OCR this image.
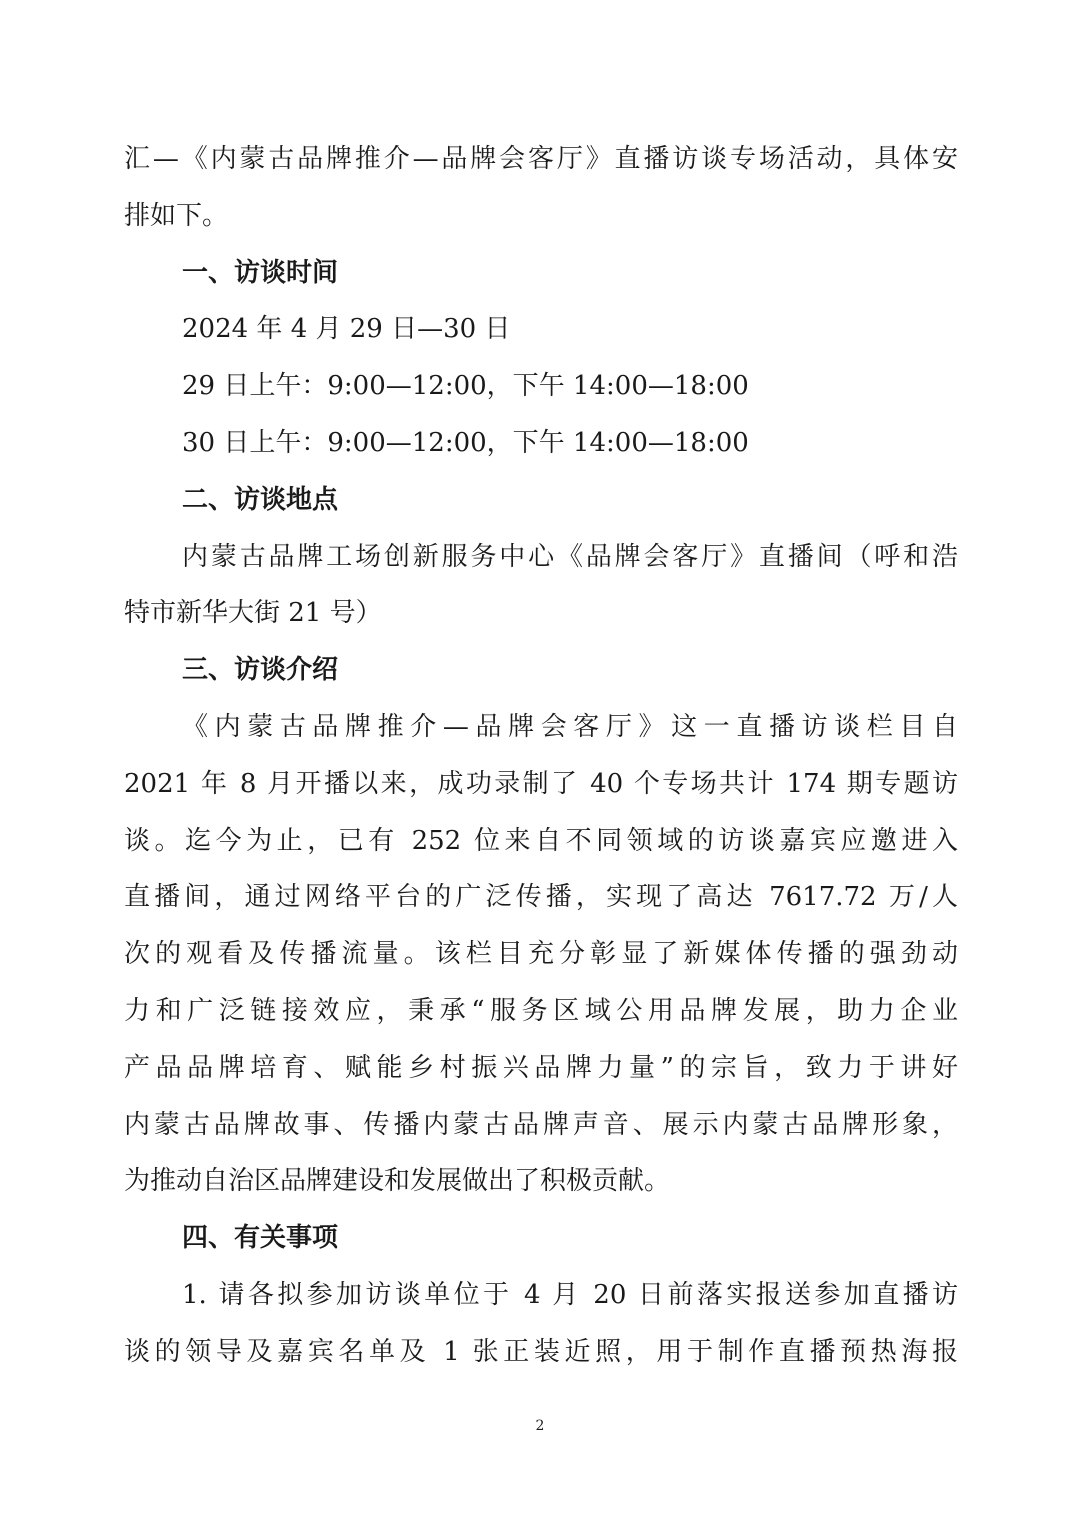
汇—《内蒙古品牌推介—品牌会客厅》直播访谈专场活动，具体安
排如下。
一、访谈时间
2024 年 4 月 29 日—30 日
29 日上午：9:00—12:00，下午 14:00—18:00
30 日上午：9:00—12:00，下午 14:00—18:00
二、访谈地点
内蒙古品牌工场创新服务中心《品牌会客厅》直播间（呼和浩
特市新华大街 21 号）
三、访谈介绍
《内蒙古品牌推介—品牌会客厅》这一直播访谈栏目自
2021 年 8 月开播以来，成功录制了 40 个专场共计 174 期专题访
谈。迄今为止，已有 252 位来自不同领域的访谈嘉宾应邀进入
直播间，通过网络平台的广泛传播，实现了高达 7617.72 万/人
次的观看及传播流量。该栏目充分彰显了新媒体传播的强劲动
力和广泛链接效应，秉承“服务区域公用品牌发展，助力企业
产品品牌培育、赋能乡村振兴品牌力量”的宗旨，致力于讲好
内蒙古品牌故事、传播内蒙古品牌声音、展示内蒙古品牌形象，
为推动自治区品牌建设和发展做出了积极贡献。
四、有关事项
1. 请各拟参加访谈单位于 4 月 20 日前落实报送参加直播访
谈的领导及嘉宾名单及 1 张正装近照，用于制作直播预热海报
2
